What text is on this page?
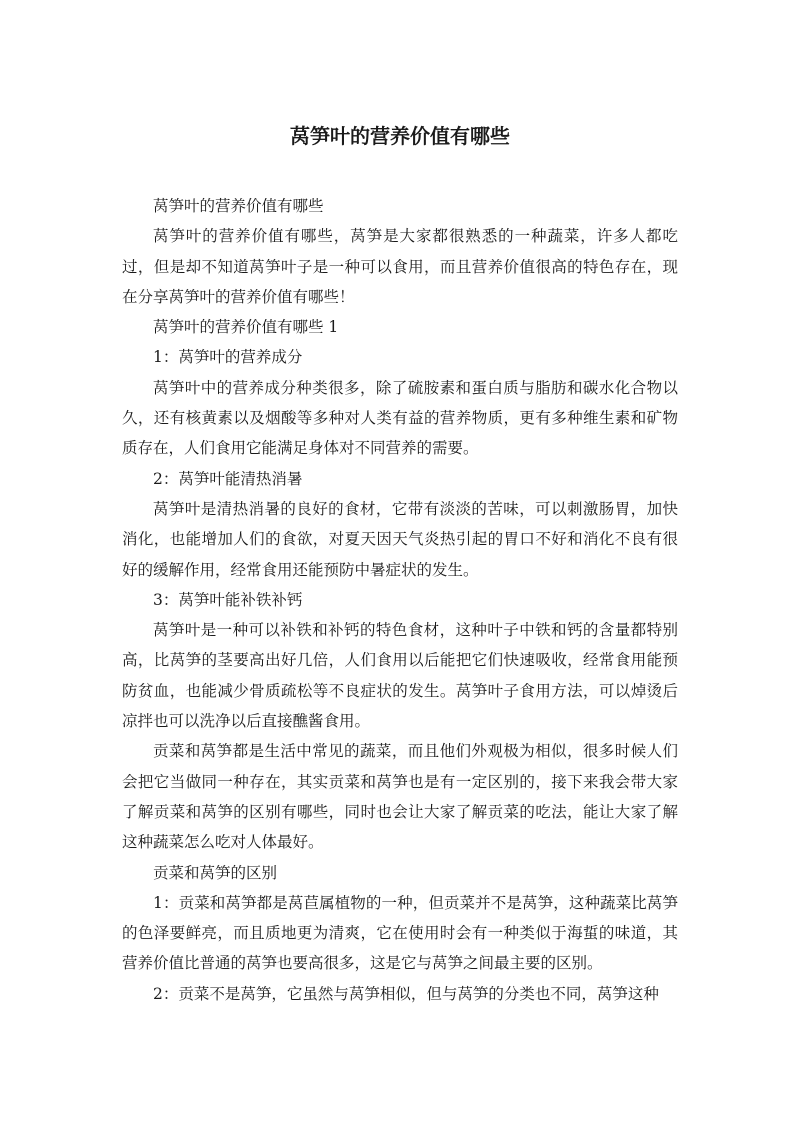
莴笋叶的营养价值有哪些

莴笋叶的营养价值有哪些

莴笋叶的营养价值有哪些，莴笋是大家都很熟悉的一种蔬菜，许多人都吃过，但是却不知道莴笋叶子是一种可以食用，而且营养价值很高的特色存在，现在分享莴笋叶的营养价值有哪些！

莴笋叶的营养价值有哪些 1

1：莴笋叶的营养成分

莴笋叶中的营养成分种类很多，除了硫胺素和蛋白质与脂肪和碳水化合物以久，还有核黄素以及烟酸等多种对人类有益的营养物质，更有多种维生素和矿物质存在，人们食用它能满足身体对不同营养的需要。

2：莴笋叶能清热消暑

莴笋叶是清热消暑的良好的食材，它带有淡淡的苦味，可以刺激肠胃，加快消化，也能增加人们的食欲，对夏天因天气炎热引起的胃口不好和消化不良有很好的缓解作用，经常食用还能预防中暑症状的发生。

3：莴笋叶能补铁补钙

莴笋叶是一种可以补铁和补钙的特色食材，这种叶子中铁和钙的含量都特别高，比莴笋的茎要高出好几倍，人们食用以后能把它们快速吸收，经常食用能预防贫血，也能减少骨质疏松等不良症状的发生。莴笋叶子食用方法，可以焯烫后凉拌也可以洗净以后直接醮酱食用。

贡菜和莴笋都是生活中常见的蔬菜，而且他们外观极为相似，很多时候人们会把它当做同一种存在，其实贡菜和莴笋也是有一定区别的，接下来我会带大家了解贡菜和莴笋的区别有哪些，同时也会让大家了解贡菜的吃法，能让大家了解这种蔬菜怎么吃对人体最好。

贡菜和莴笋的区别

1：贡菜和莴笋都是莴苣属植物的一种，但贡菜并不是莴笋，这种蔬菜比莴笋的色泽要鲜亮，而且质地更为清爽，它在使用时会有一种类似于海蜇的味道，其营养价值比普通的莴笋也要高很多，这是它与莴笋之间最主要的区别。

2：贡菜不是莴笋，它虽然与莴笋相似，但与莴笋的分类也不同，莴笋这种
